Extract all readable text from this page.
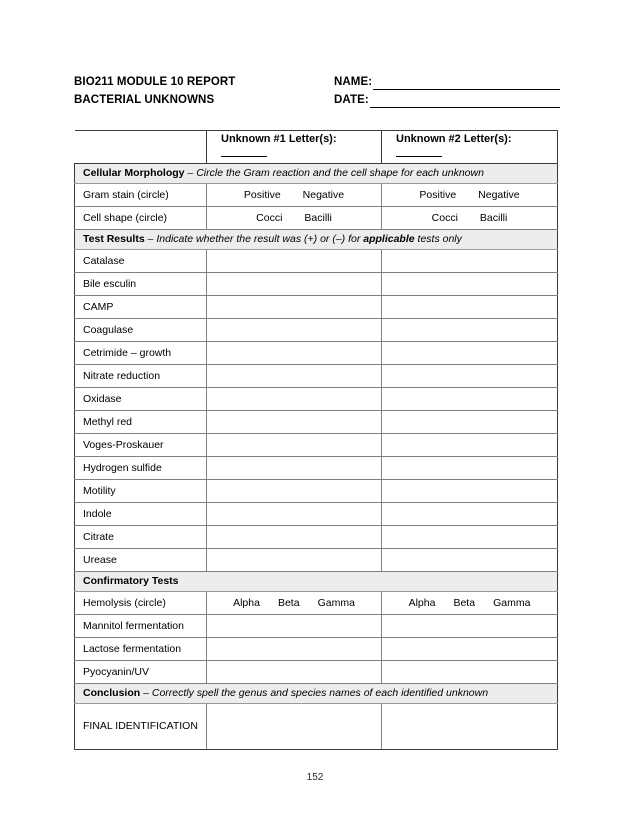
BIO211 MODULE 10 REPORT	NAME:
BACTERIAL UNKNOWNS	DATE:
	Unknown #1 Letter(s):	Unknown #2 Letter(s):
Cellular Morphology – Circle the Gram reaction and the cell shape for each unknown		
Gram stain (circle)	Positive Negative	Positive Negative

Cell shape (circle)	Cocci Bacilli	Cocci Bacilli

Test Results – Indicate whether the result was (+) or (–) for applicable tests only		
Catalase		
Bile esculin		
CAMP		
Coagulase		
Cetrimide – growth		
Nitrate reduction		
Oxidase		
Methyl red		
Voges-Proskauer		
Hydrogen sulfide		
Motility		
Indole		
Citrate		
Urease		
Confirmatory Tests		
Hemolysis (circle)	Alpha Beta Gamma	Alpha Beta Gamma

Mannitol fermentation		
Lactose fermentation		
Pyocyanin/UV		
Conclusion – Correctly spell the genus and species names of each identified unknown		
FINAL IDENTIFICATION		
152
